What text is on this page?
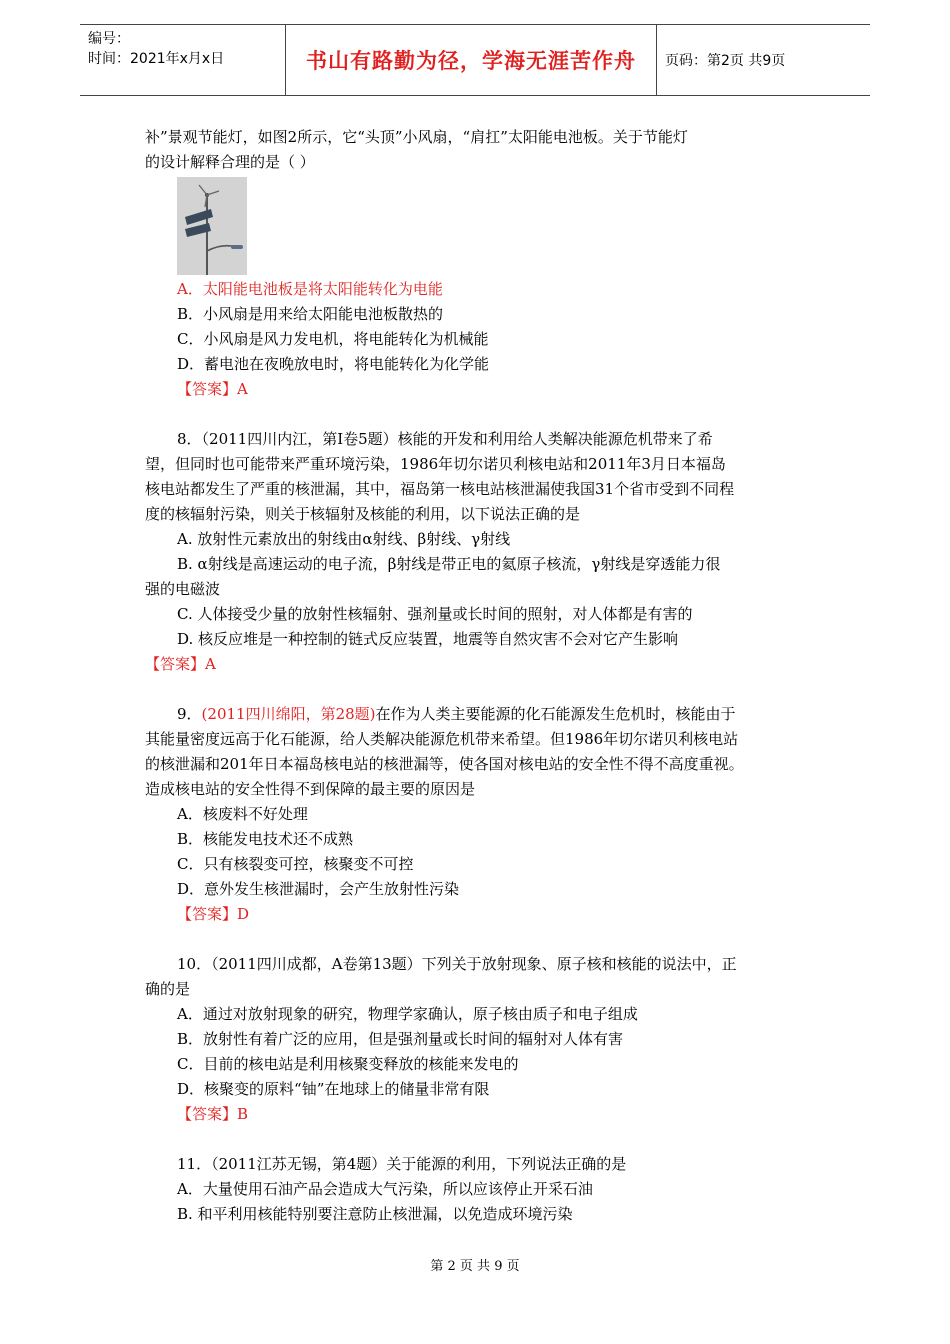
编号：
时间：2021年x月x日	书山有路勤为径，学海无涯苦作舟	页码：第2页 共9页
补”景观节能灯，如图2所示，它“头顶”小风扇，“肩扛”太阳能电池板。关于节能灯
的设计解释合理的是（ ）
A．太阳能电池板是将太阳能转化为电能
B．小风扇是用来给太阳能电池板散热的
C．小风扇是风力发电机，将电能转化为机械能
D．蓄电池在夜晚放电时，将电能转化为化学能
【答案】A
8．（2011四川内江，第Ⅰ卷5题）核能的开发和利用给人类解决能源危机带来了希
望，但同时也可能带来严重环境污染，1986年切尔诺贝利核电站和2011年3月日本福岛
核电站都发生了严重的核泄漏，其中，福岛第一核电站核泄漏使我国31个省市受到不同程
度的核辐射污染，则关于核辐射及核能的利用，以下说法正确的是
A. 放射性元素放出的射线由α射线、β射线、γ射线
B. α射线是高速运动的电子流，β射线是带正电的氦原子核流，γ射线是穿透能力很
强的电磁波
C. 人体接受少量的放射性核辐射、强剂量或长时间的照射，对人体都是有害的
D. 核反应堆是一种控制的链式反应装置，地震等自然灾害不会对它产生影响
【答案】A
9．(2011四川绵阳，第28题)在作为人类主要能源的化石能源发生危机时，核能由于
其能量密度远高于化石能源，给人类解决能源危机带来希望。但1986年切尔诺贝利核电站
的核泄漏和201年日本福岛核电站的核泄漏等，使各国对核电站的安全性不得不高度重视。
造成核电站的安全性得不到保障的最主要的原因是
A．核废料不好处理
B．核能发电技术还不成熟
C．只有核裂变可控，核聚变不可控
D．意外发生核泄漏时，会产生放射性污染
【答案】D
10．（2011四川成都，A卷第13题）下列关于放射现象、原子核和核能的说法中，正
确的是
A．通过对放射现象的研究，物理学家确认，原子核由质子和电子组成
B．放射性有着广泛的应用，但是强剂量或长时间的辐射对人体有害
C．目前的核电站是利用核聚变释放的核能来发电的
D．核聚变的原料“铀”在地球上的储量非常有限
【答案】B
11．（2011江苏无锡，第4题）关于能源的利用，下列说法正确的是
A．大量使用石油产品会造成大气污染，所以应该停止开采石油
B. 和平利用核能特别要注意防止核泄漏，以免造成环境污染
第 2 页 共 9 页
